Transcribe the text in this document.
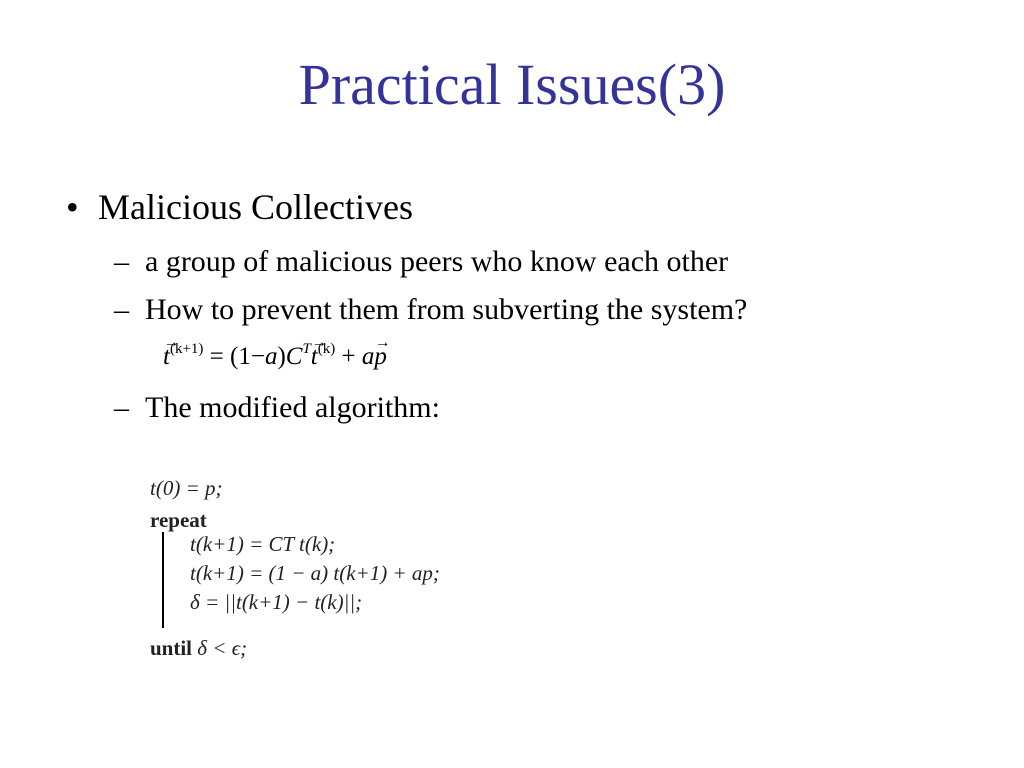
Practical Issues(3)
• Malicious Collectives
– a group of malicious peers who know each other
– How to prevent them from subverting the system?
→ $t^{(k+1)} = (1-a)C^T\to t^{(k)} + a\to p$
– The modified algorithm:
t(0) = p;
repeat
t(k+1) = CT t(k);
t(k+1) = (1 − a) t(k+1) + ap;
δ = ||t(k+1) − t(k)||;
until δ < ϵ;
